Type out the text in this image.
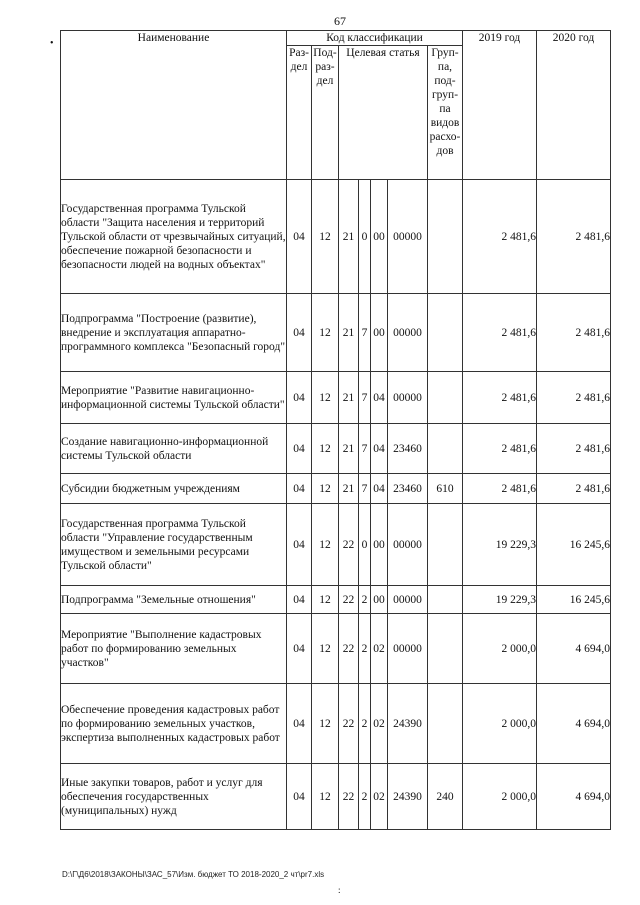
67
•	Наименование	Код классификации							2019 год	2020 год
	Раз-дел	Под-раз-дел	Целевая статья				Груп-па, под-груп-па видов расхо-дов		
Государственная программа Тульской области "Защита населения и территорий Тульской области от чрезвычайных ситуаций, обеспечение пожарной безопасности и безопасности людей на водных объектах"	04	12	21	0	00	00000		2 481,6	2 481,6
Подпрограмма "Построение (развитие), внедрение и эксплуатация аппаратно-программного комплекса "Безопасный город"	04	12	21	7	00	00000		2 481,6	2 481,6
Мероприятие "Развитие навигационно-информационной системы Тульской области"	04	12	21	7	04	00000		2 481,6	2 481,6
Создание навигационно-информационной системы Тульской области	04	12	21	7	04	23460		2 481,6	2 481,6
Субсидии бюджетным учреждениям	04	12	21	7	04	23460	610	2 481,6	2 481,6
Государственная программа Тульской области "Управление государственным имуществом и земельными ресурсами Тульской области"	04	12	22	0	00	00000		19 229,3	16 245,6
Подпрограмма "Земельные отношения"	04	12	22	2	00	00000		19 229,3	16 245,6
Мероприятие "Выполнение кадастровых работ по формированию земельных участков"	04	12	22	2	02	00000		2 000,0	4 694,0
Обеспечение проведения кадастровых работ по формированию земельных участков, экспертиза выполненных кадастровых работ	04	12	22	2	02	24390		2 000,0	4 694,0
Иные закупки товаров, работ и услуг для обеспечения государственных (муниципальных) нужд	04	12	22	2	02	24390	240	2 000,0	4 694,0
D:\Г\Д6\2018\ЗАКОНЫ\ЗАС_57\Изм. бюджет ТО 2018-2020_2 чт\pr7.xls
:
